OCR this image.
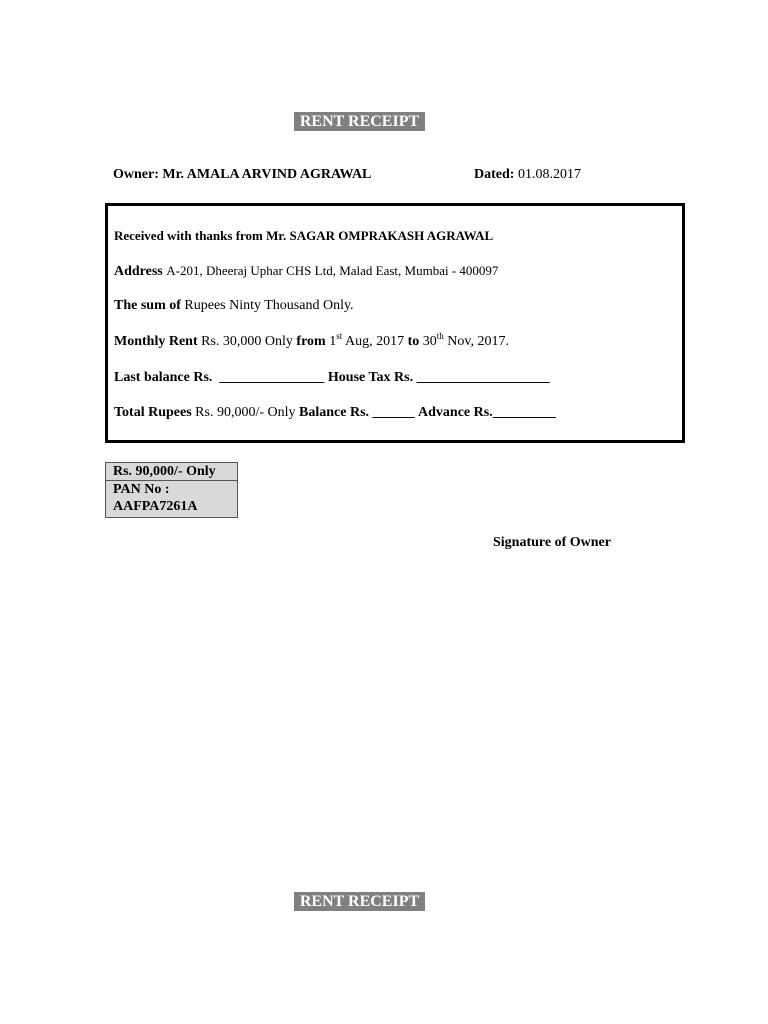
RENT RECEIPT
Owner: Mr. AMALA ARVIND AGRAWAL	Dated: 01.08.2017
Received with thanks from Mr. SAGAR OMPRAKASH AGRAWAL
Address A-201, Dheeraj Uphar CHS Ltd, Malad East, Mumbai - 400097
The sum of Rupees Ninty Thousand Only.
Monthly Rent Rs. 30,000 Only from 1st Aug, 2017 to 30th Nov, 2017.
Last balance Rs. _______________ House Tax Rs. ___________________
Total Rupees Rs. 90,000/- Only Balance Rs. ______ Advance Rs._________
Rs. 90,000/- Only
PAN No :
AAFPA7261A
Signature of Owner
RENT RECEIPT
